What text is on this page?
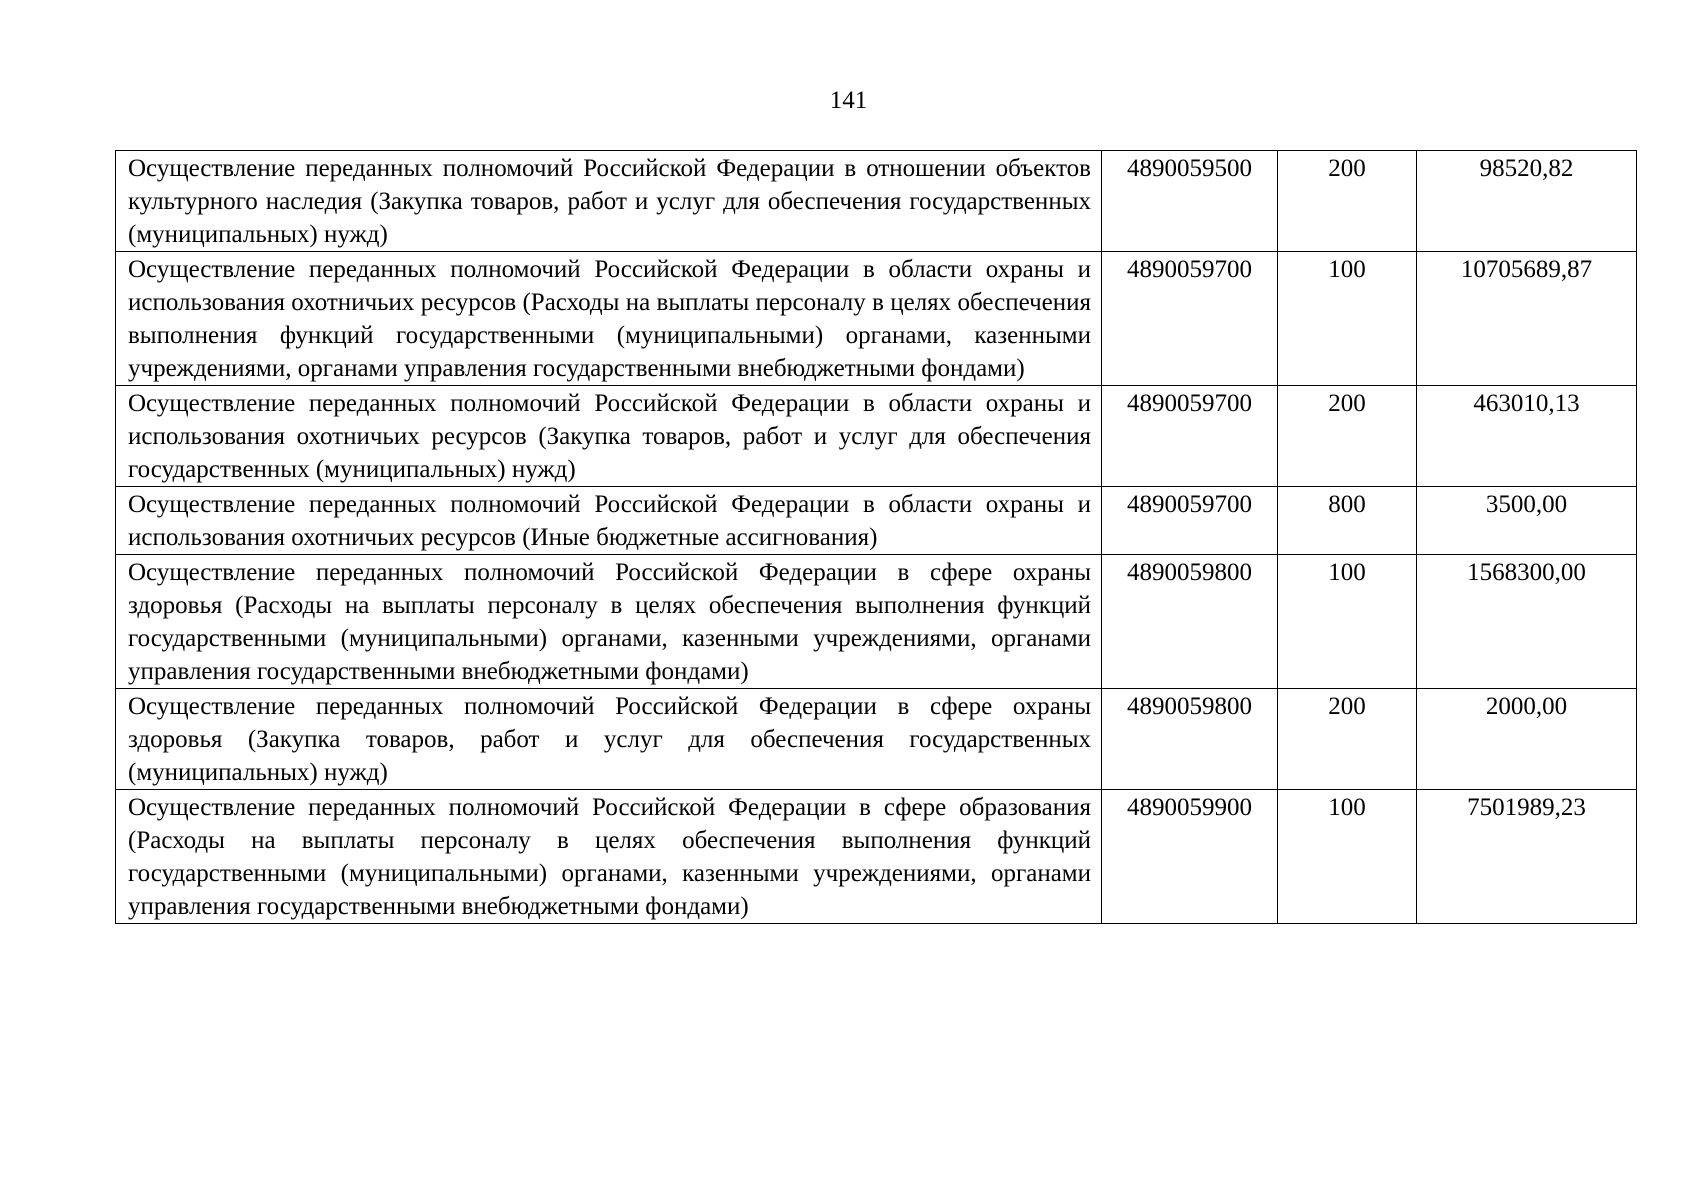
141
Осуществление переданных полномочий Российской Федерации в отношении объектов культурного наследия (Закупка товаров, работ и услуг для обеспечения государственных (муниципальных) нужд)	4890059500	200	98520,82
Осуществление переданных полномочий Российской Федерации в области охраны и использования охотничьих ресурсов (Расходы на выплаты персоналу в целях обеспечения выполнения функций государственными (муниципальными) органами, казенными учреждениями, органами управления государственными внебюджетными фондами)	4890059700	100	10705689,87
Осуществление переданных полномочий Российской Федерации в области охраны и использования охотничьих ресурсов (Закупка товаров, работ и услуг для обеспечения государственных (муниципальных) нужд)	4890059700	200	463010,13
Осуществление переданных полномочий Российской Федерации в области охраны и использования охотничьих ресурсов (Иные бюджетные ассигнования)	4890059700	800	3500,00
Осуществление переданных полномочий Российской Федерации в сфере охраны здоровья (Расходы на выплаты персоналу в целях обеспечения выполнения функций государственными (муниципальными) органами, казенными учреждениями, органами управления государственными внебюджетными фондами)	4890059800	100	1568300,00
Осуществление переданных полномочий Российской Федерации в сфере охраны здоровья (Закупка товаров, работ и услуг для обеспечения государственных (муниципальных) нужд)	4890059800	200	2000,00
Осуществление переданных полномочий Российской Федерации в сфере образования (Расходы на выплаты персоналу в целях обеспечения выполнения функций государственными (муниципальными) органами, казенными учреждениями, органами управления государственными внебюджетными фондами)	4890059900	100	7501989,23
